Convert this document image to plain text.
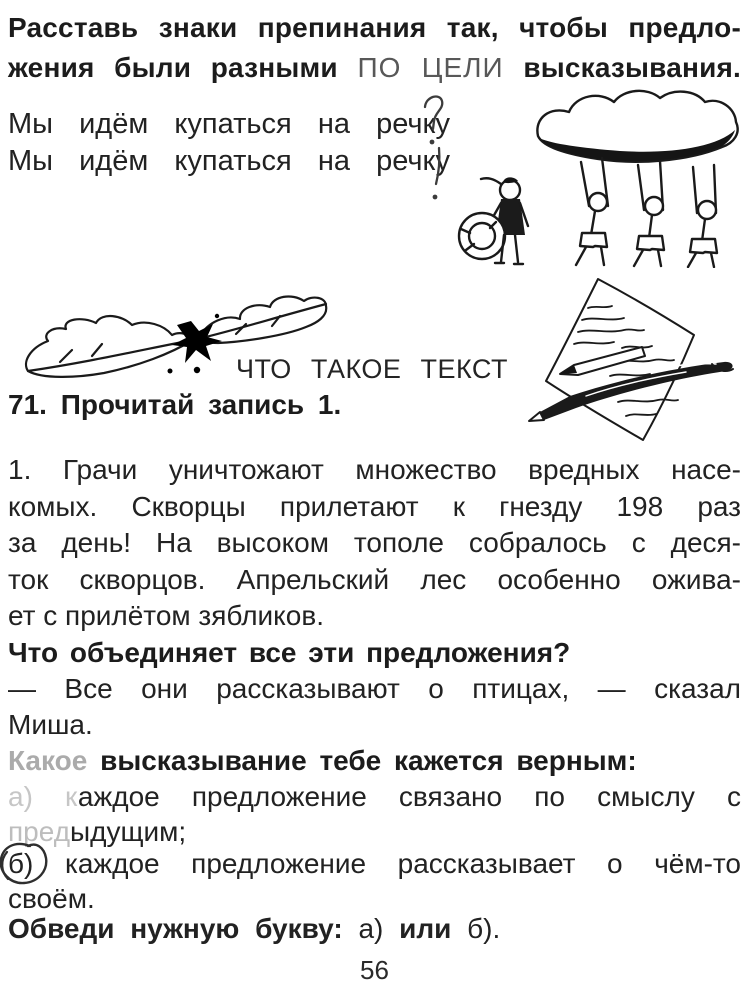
Расставь знаки препинания так, чтобы предло-
жения были разными ПО ЦЕЛИ высказывания.
Мы идём купаться на речку
Мы идём купаться на речку
ЧТО ТАКОЕ ТЕКСТ
71. Прочитай запись 1.
1. Грачи уничтожают множество вредных насе-
комых. Скворцы прилетают к гнезду 198 раз
за день! На высоком тополе собралось с деся-
ток скворцов. Апрельский лес особенно ожива-
ет с прилётом зябликов.
Что объединяет все эти предложения?
— Все они рассказывают о птицах, — сказал
Миша.
Какое высказывание тебе кажется верным:
а) каждое предложение связано по смыслу с
предыдущим;
б) каждое предложение рассказывает о чём-то
своём.
Обведи нужную букву: а) или б).
56
